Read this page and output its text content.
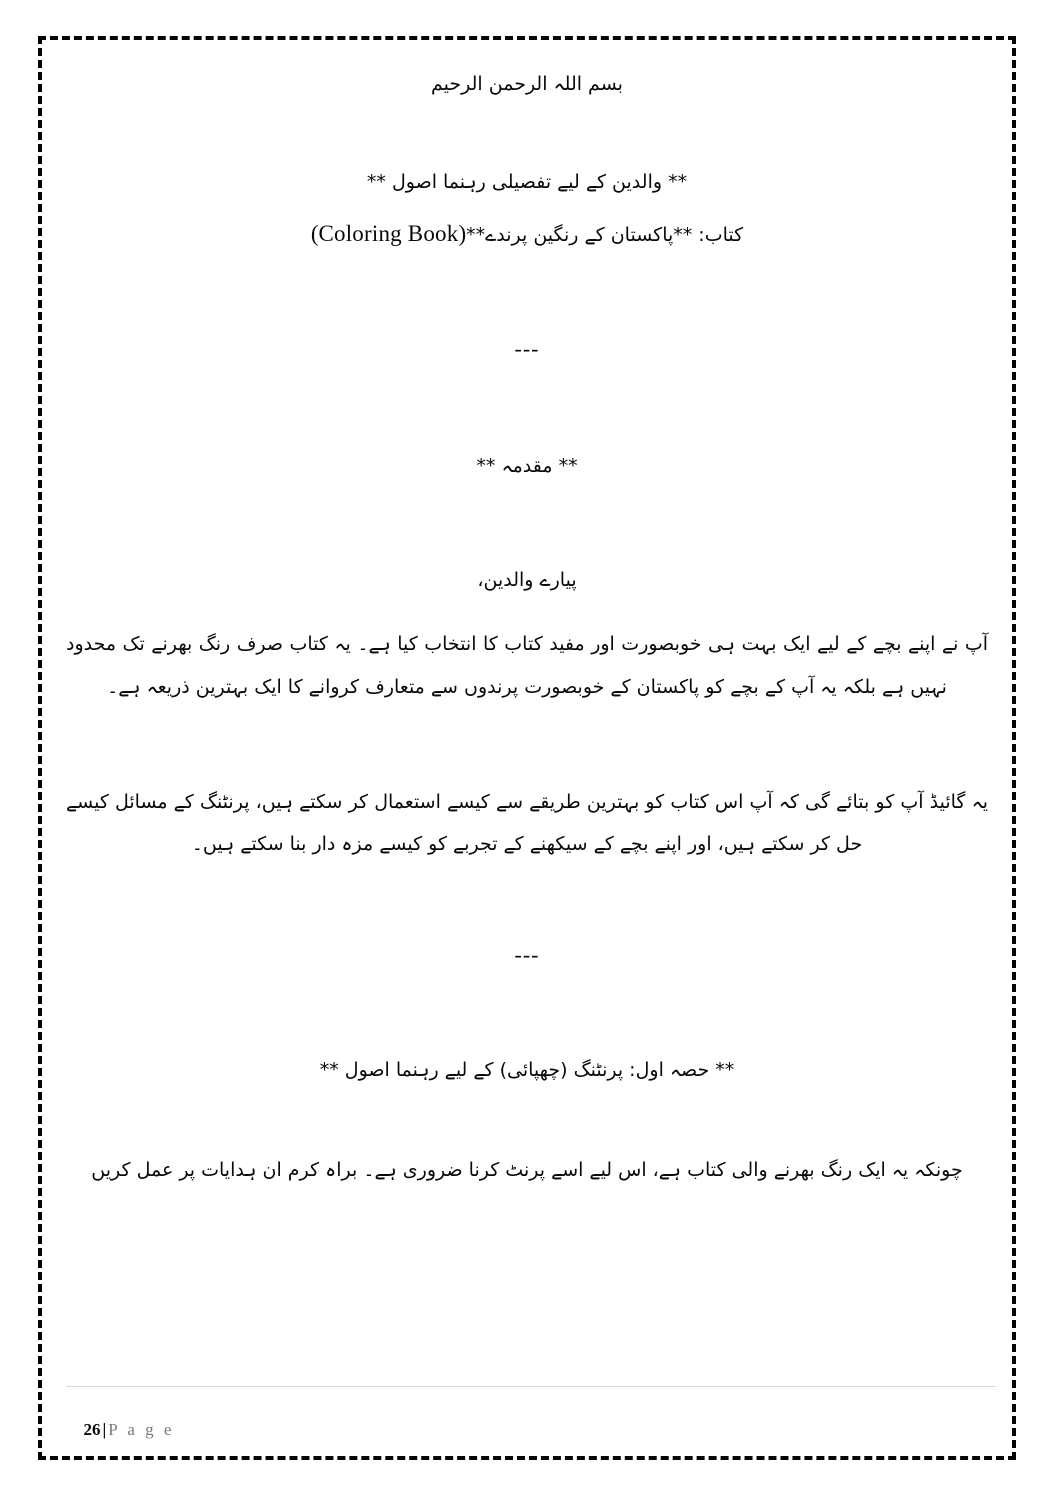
بسم اللہ الرحمن الرحیم
** والدین کے لیے تفصیلی رہنما اصول **
کتاب: **پاکستان کے رنگین پرندے**(Coloring Book)
---
** مقدمہ **
پیارے والدین،
آپ نے اپنے بچے کے لیے ایک بہت ہی خوبصورت اور مفید کتاب کا انتخاب کیا ہے۔ یہ کتاب صرف رنگ بھرنے تک محدود نہیں ہے بلکہ یہ آپ کے بچے کو پاکستان کے خوبصورت پرندوں سے متعارف کروانے کا ایک بہترین ذریعہ ہے۔
یہ گائیڈ آپ کو بتائے گی کہ آپ اس کتاب کو بہترین طریقے سے کیسے استعمال کر سکتے ہیں، پرنٹنگ کے مسائل کیسے حل کر سکتے ہیں، اور اپنے بچے کے سیکھنے کے تجربے کو کیسے مزہ دار بنا سکتے ہیں۔
---
** حصہ اول: پرنٹنگ (چھپائی) کے لیے رہنما اصول **
چونکہ یہ ایک رنگ بھرنے والی کتاب ہے، اس لیے اسے پرنٹ کرنا ضروری ہے۔ براہ کرم ان ہدایات پر عمل کریں

26 | P a g e
